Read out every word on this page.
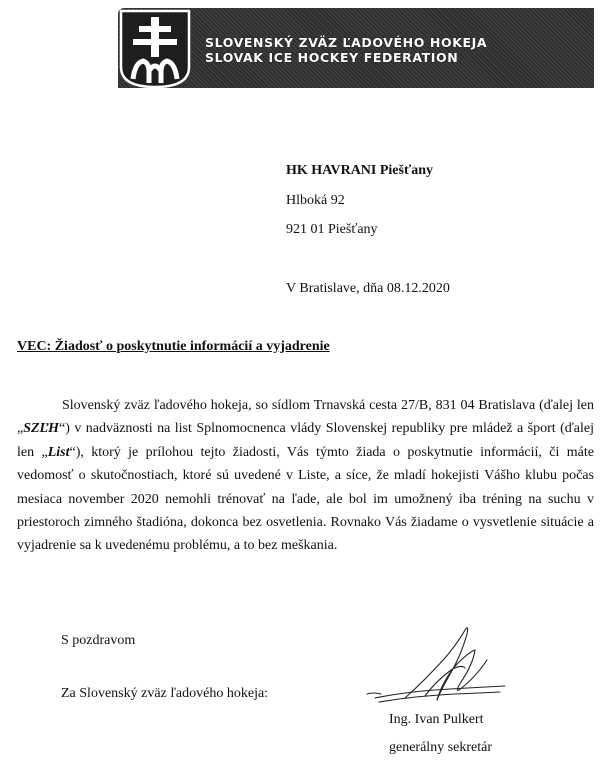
SLOVENSKÝ ZVÄZ ĽADOVÉHO HOKEJA
SLOVAK ICE HOCKEY FEDERATION
HK HAVRANI Piešťany
Hlboká 92
921 01 Piešťany
V Bratislave, dňa 08.12.2020
VEC: Žiadosť o poskytnutie informácií a vyjadrenie
Slovenský zväz ľadového hokeja, so sídlom Trnavská cesta 27/B, 831 04 Bratislava (ďalej len „SZĽH“) v nadväznosti na list Splnomocnenca vlády Slovenskej republiky pre mládež a šport (ďalej len „List“), ktorý je prílohou tejto žiadosti, Vás týmto žiada o poskytnutie informácií, či máte vedomosť o skutočnostiach, ktoré sú uvedené v Liste, a síce, že mladí hokejisti Vášho klubu počas mesiaca november 2020 nemohli trénovať na ľade, ale bol im umožnený iba tréning na suchu v priestoroch zimného štadióna, dokonca bez osvetlenia. Rovnako Vás žiadame o vysvetlenie situácie a vyjadrenie sa k uvedenému problému, a to bez meškania.
S pozdravom
Za Slovenský zväz ľadového hokeja:
Ing. Ivan Pulkert
generálny sekretár
